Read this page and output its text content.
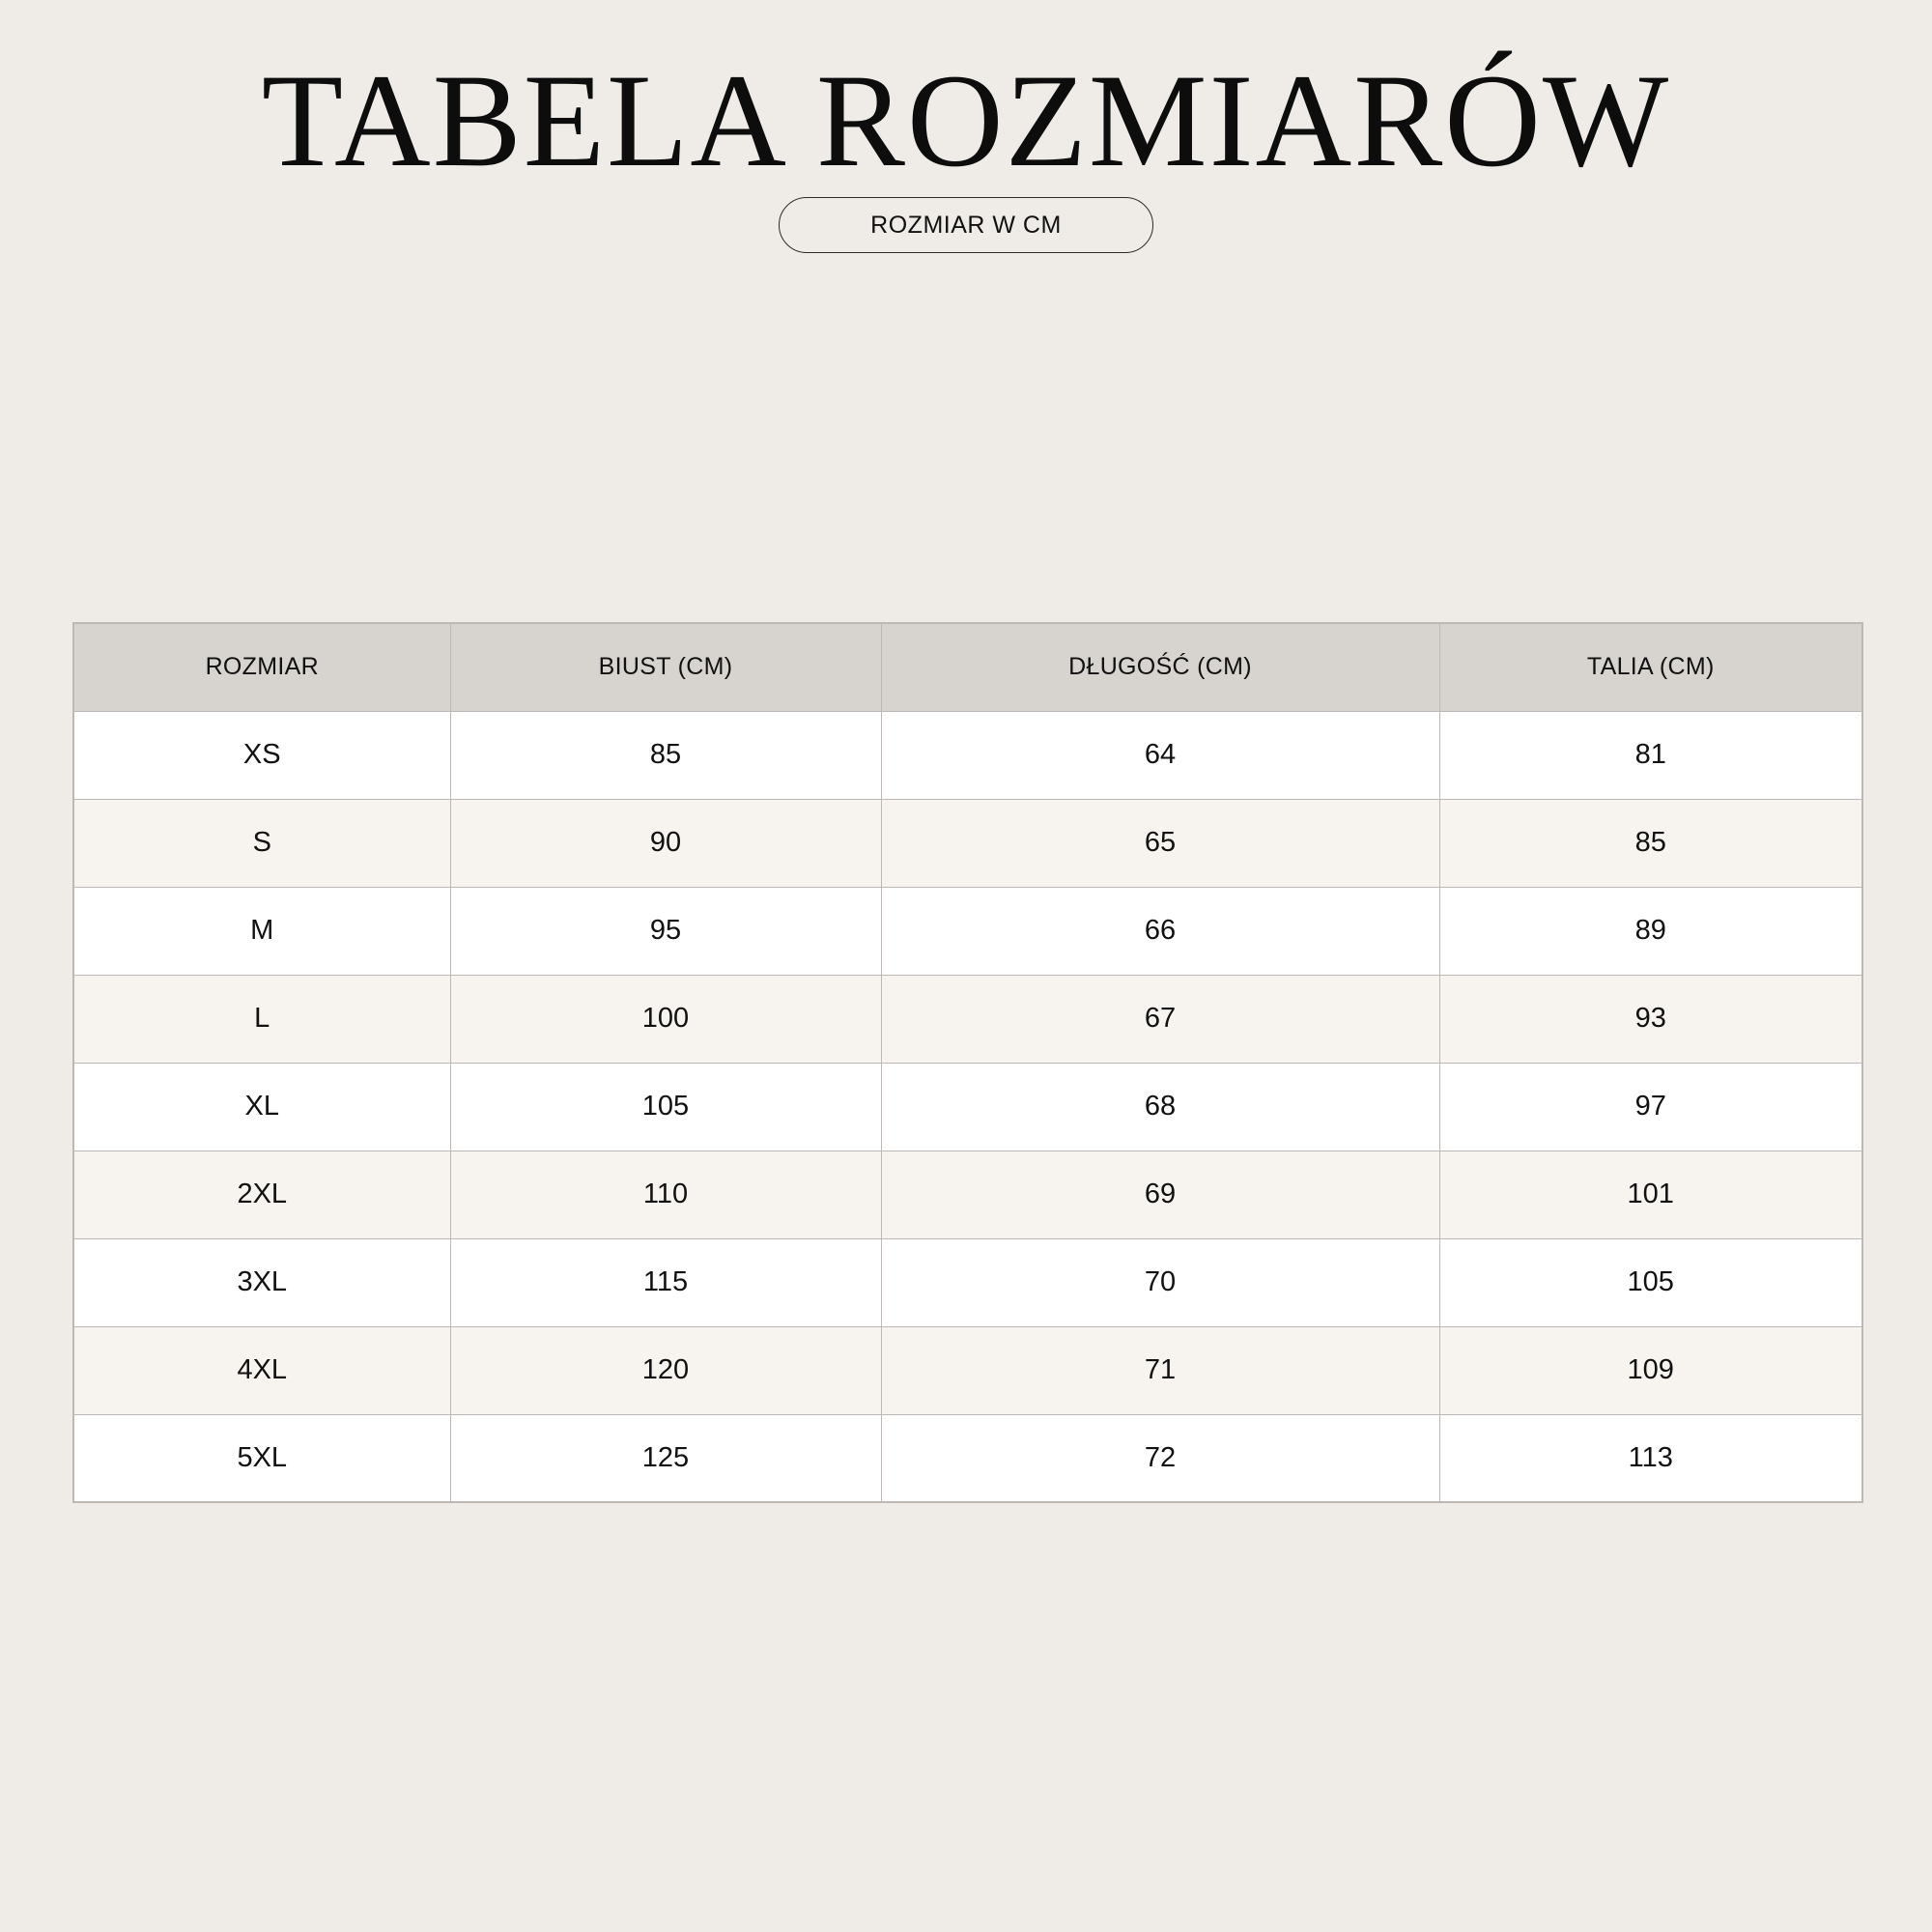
TABELA ROZMIARÓW
ROZMIAR W CM
ROZMIAR	BIUST (CM)	DŁUGOŚĆ (CM)	TALIA (CM)
XS	85	64	81
S	90	65	85
M	95	66	89
L	100	67	93
XL	105	68	97
2XL	110	69	101
3XL	115	70	105
4XL	120	71	109
5XL	125	72	113
